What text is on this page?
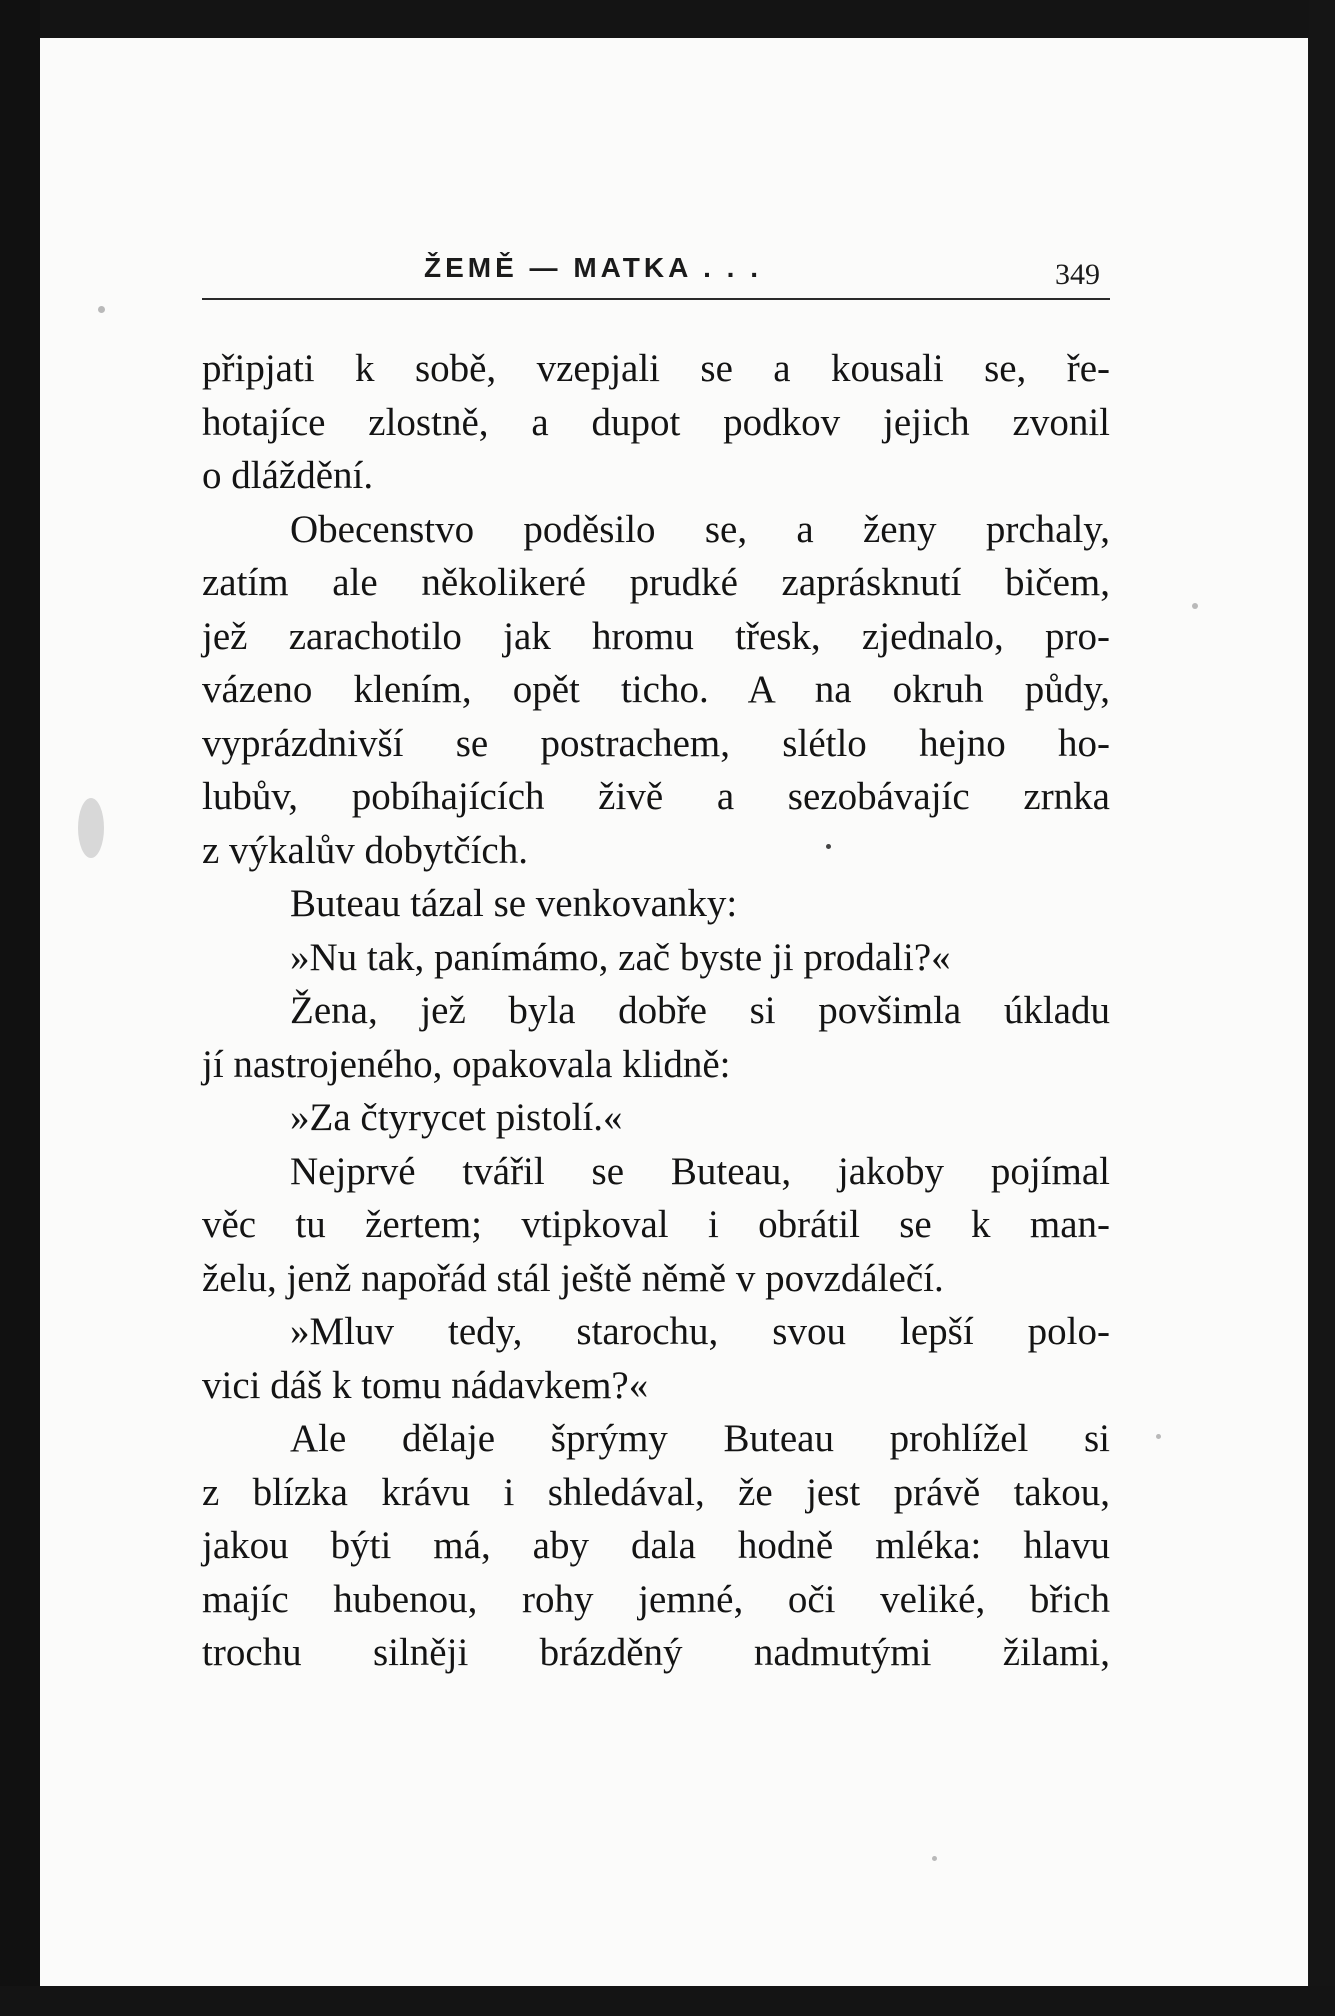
ŽEMĚ — MATKA . . .	349
připjati k sobě, vzepjali se a kousali se, ře-
hotajíce zlostně, a dupot podkov jejich zvonil
o dláždění.
Obecenstvo poděsilo se, a ženy prchaly,
zatím ale několikeré prudké zaprásknutí bičem,
jež zarachotilo jak hromu třesk, zjednalo, pro-
vázeno klením, opět ticho. A na okruh půdy,
vyprázdnivší se postrachem, slétlo hejno ho-
lubův, pobíhajících živě a sezobávajíc zrnka
z výkalův dobytčích.
Buteau tázal se venkovanky:
»Nu tak, panímámo, zač byste ji prodali?«
Žena, jež byla dobře si povšimla úkladu
jí nastrojeného, opakovala klidně:
»Za čtyrycet pistolí.«
Nejprvé tvářil se Buteau, jakoby pojímal
věc tu žertem; vtipkoval i obrátil se k man-
želu, jenž napořád stál ještě němě v povzdálečí.
»Mluv tedy, starochu, svou lepší polo-
vici dáš k tomu nádavkem?«
Ale dělaje šprýmy Buteau prohlížel si
z blízka krávu i shledával, že jest právě takou,
jakou býti má, aby dala hodně mléka: hlavu
majíc hubenou, rohy jemné, oči veliké, břich
trochu silněji brázděný nadmutými žilami,
